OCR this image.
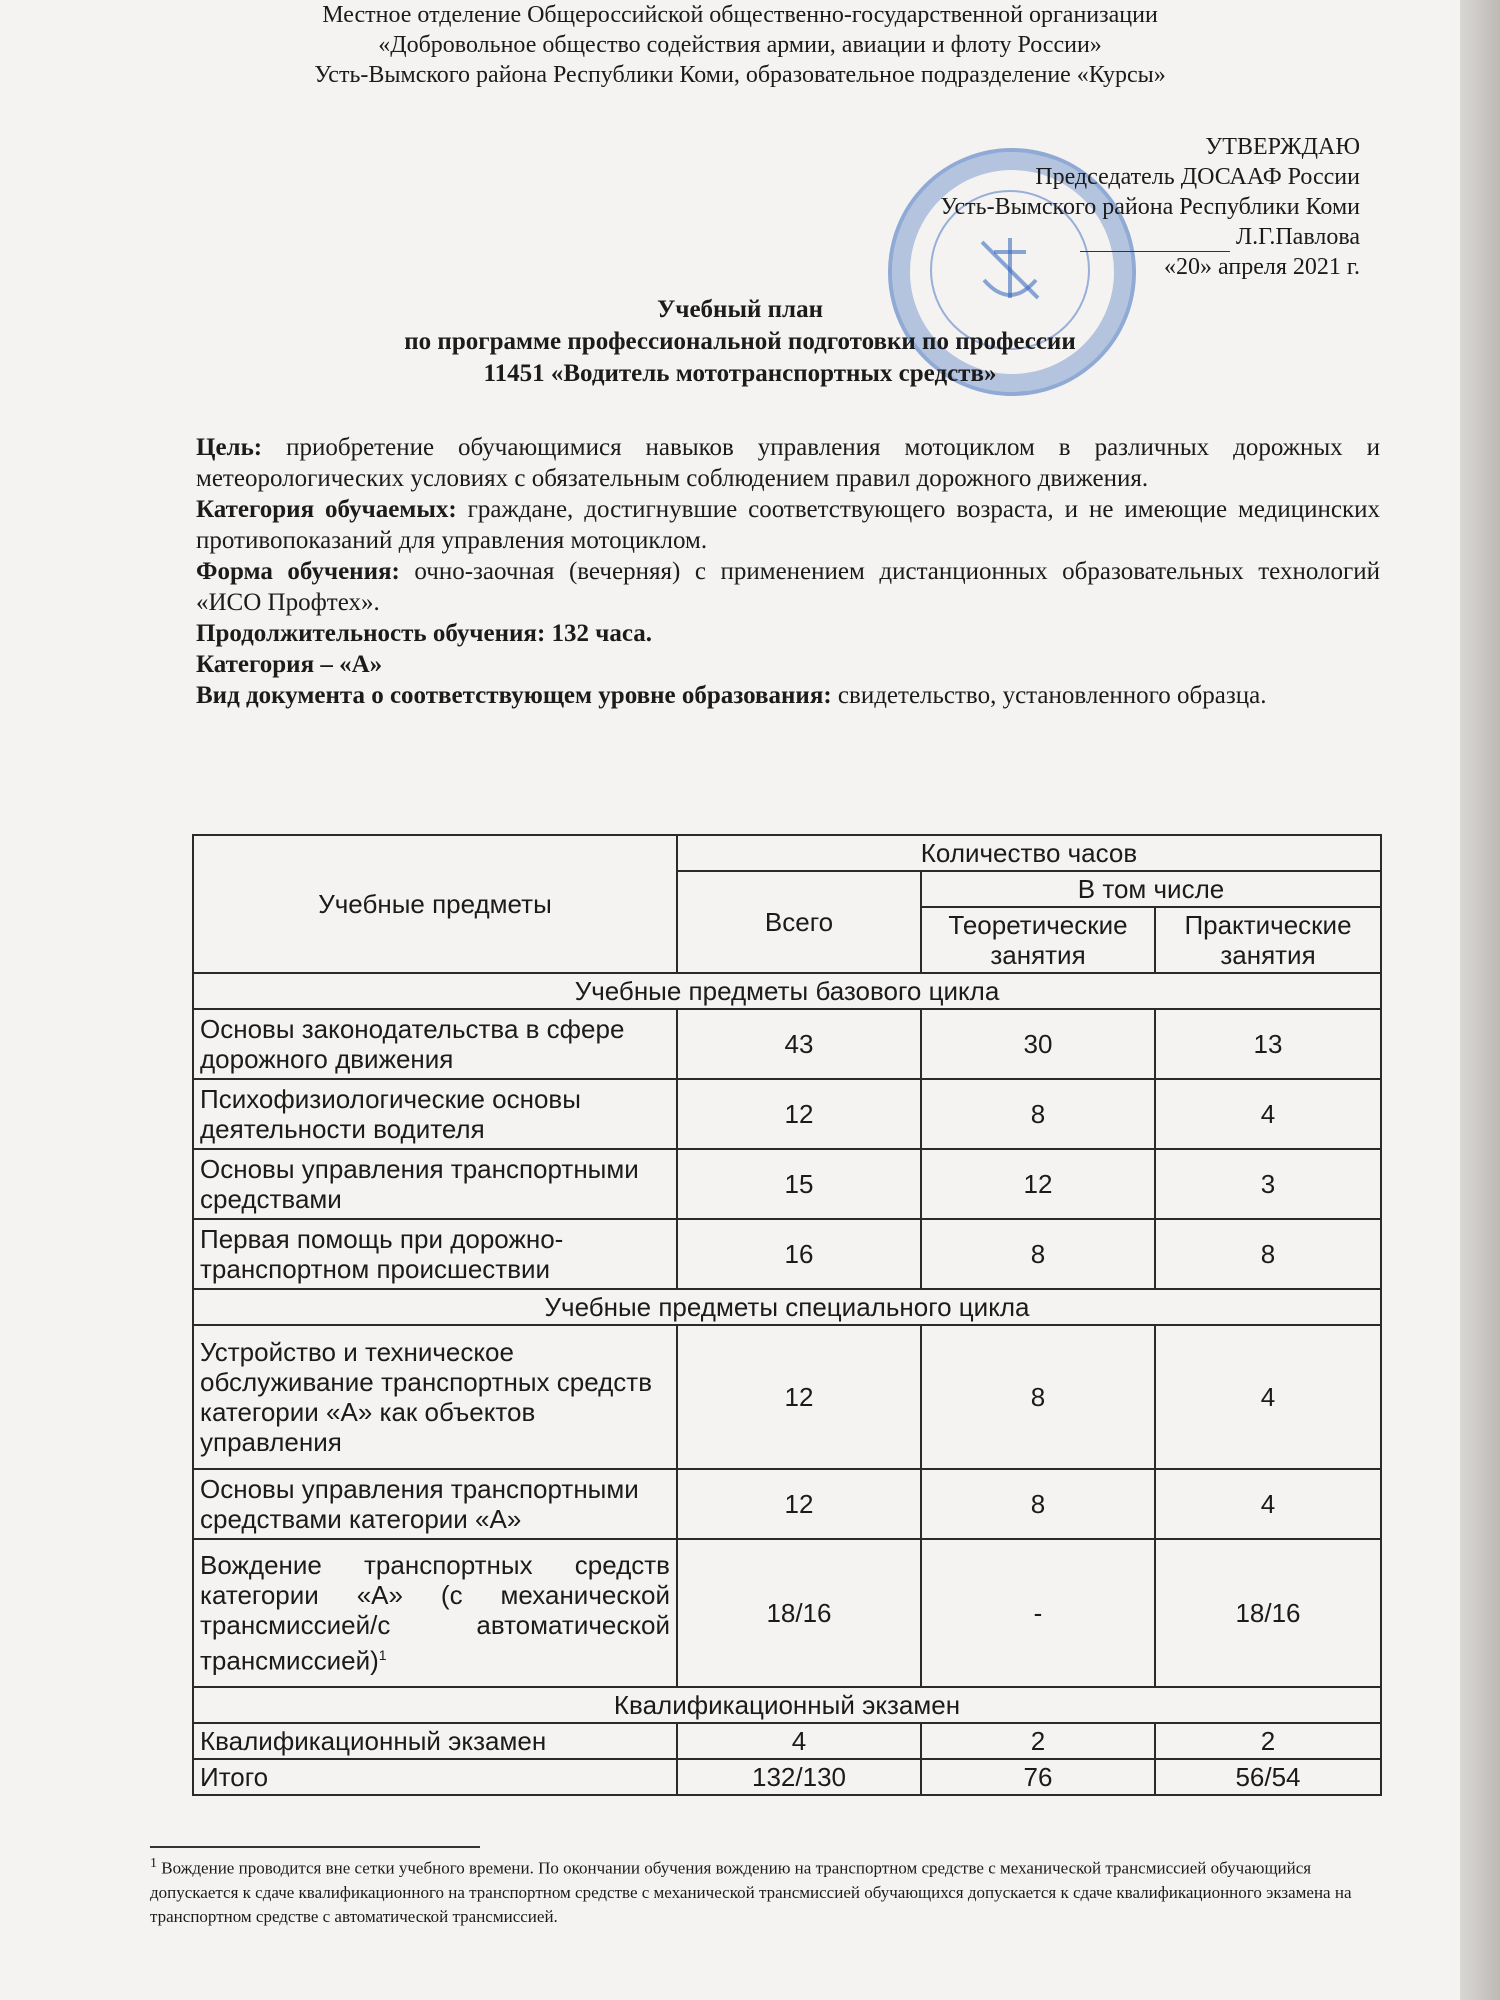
Местное отделение Общероссийской общественно-государственной организации
«Добровольное общество содействия армии, авиации и флоту России»
Усть-Вымского района Республики Коми, образовательное подразделение «Курсы»
УТВЕРЖДАЮ
Председатель ДОСААФ России
Усть-Вымского района Республики Коми
Л.Г.Павлова
«20» апреля 2021 г.
Учебный план
по программе профессиональной подготовки по профессии
11451 «Водитель мототранспортных средств»

Цель: приобретение обучающимися навыков управления мотоциклом в различных дорожных и метеорологических условиях с обязательным соблюдением правил дорожного движения.

Категория обучаемых: граждане, достигнувшие соответствующего возраста, и не имеющие медицинских противопоказаний для управления мотоциклом.

Форма обучения: очно-заочная (вечерняя) с применением дистанционных образовательных технологий «ИСО Профтех».

Продолжительность обучения: 132 часа.

Категория – «А»

Вид документа о соответствующем уровне образования: свидетельство, установленного образца.

Учебные предметы	Количество часов		
	Всего	В том числе	
		Теоретические занятия	Практические занятия
Учебные предметы базового цикла			
Основы законодательства в сфере дорожного движения	43	30	13
Психофизиологические основы деятельности водителя	12	8	4
Основы управления транспортными средствами	15	12	3
Первая помощь при дорожно-транспортном происшествии	16	8	8
Учебные предметы специального цикла			
Устройство и техническое обслуживание транспортных средств категории «А» как объектов управления	12	8	4
Основы управления транспортными средствами категории «А»	12	8	4
Вождение транспортных средств категории «А» (с механической трансмиссией/с автоматической трансмиссией)$^1$	18/16	-	18/16
Квалификационный экзамен			
Квалификационный экзамен	4	2	2
Итого	132/130	76	56/54
$^1$ Вождение проводится вне сетки учебного времени. По окончании обучения вождению на транспортном средстве с механической трансмиссией обучающийся допускается к сдаче квалификационного на транспортном средстве с механической трансмиссией обучающихся допускается к сдаче квалификационного экзамена на транспортном средстве с автоматической трансмиссией.
